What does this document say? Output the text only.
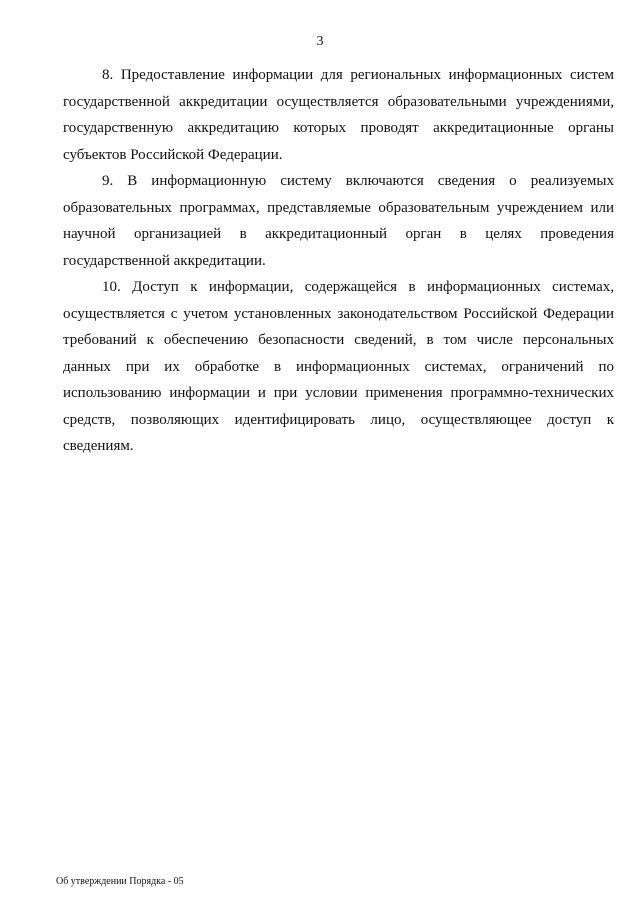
3

8. Предоставление информации для региональных информационных систем государственной аккредитации осуществляется образовательными учреждениями, государственную аккредитацию которых проводят аккредитационные органы субъектов Российской Федерации.

9. В информационную систему включаются сведения о реализуемых образовательных программах, представляемые образовательным учреждением или научной организацией в аккредитационный орган в целях проведения государственной аккредитации.

10. Доступ к информации, содержащейся в информационных системах, осуществляется с учетом установленных законодательством Российской Федерации требований к обеспечению безопасности сведений, в том числе персональных данных при их обработке в информационных системах, ограничений по использованию информации и при условии применения программно-технических средств, позволяющих идентифицировать лицо, осуществляющее доступ к сведениям.

Об утверждении Порядка - 05
